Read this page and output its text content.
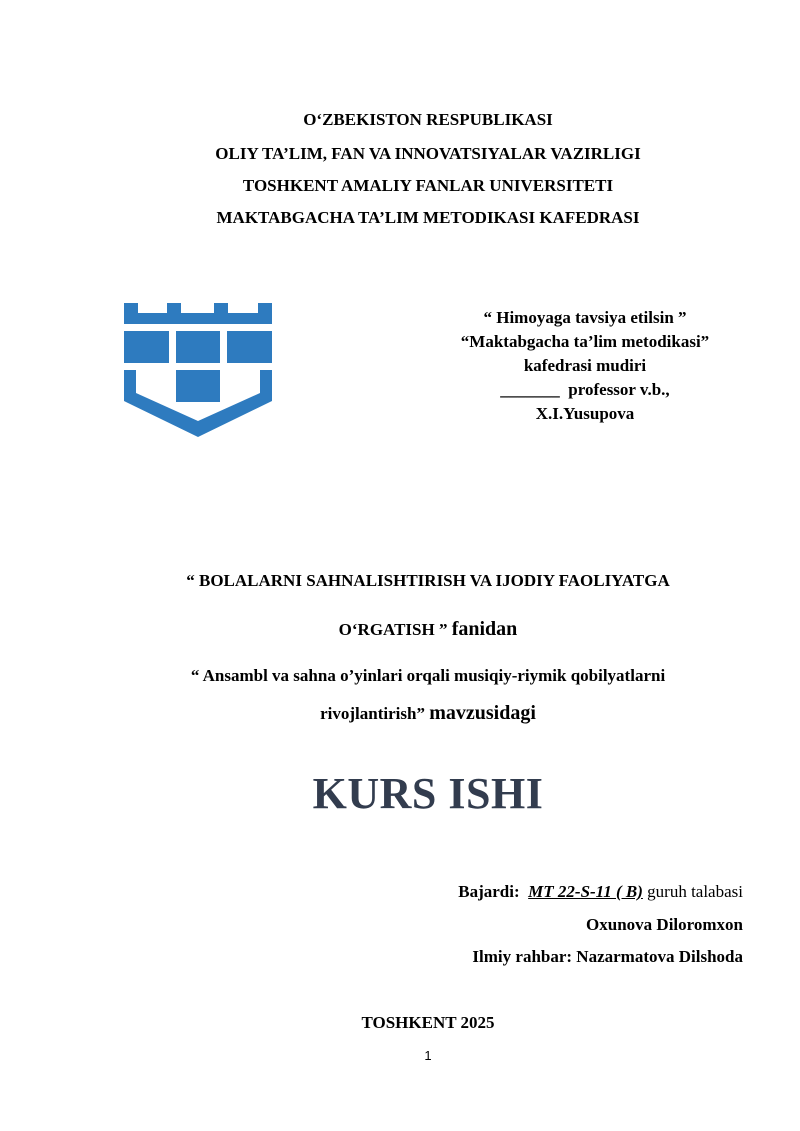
O‘ZBEKISTON RESPUBLIKASI
OLIY TA’LIM, FAN VA INNOVATSIYALAR VAZIRLIGI
TOSHKENT AMALIY FANLAR UNIVERSITETI
MAKTABGACHA TA’LIM METODIKASI KAFEDRASI
“ Himoyaga tavsiya etilsin ”
“Maktabgacha ta’lim metodikasi”
kafedrasi mudiri
_______ professor v.b.,
X.I.Yusupova
“ BOLALARNI SAHNALISHTIRISH VA IJODIY FAOLIYATGA
O‘RGATISH ” fanidan
“ Ansambl va sahna o’yinlari orqali musiqiy-riymik qobilyatlarni
rivojlantirish” mavzusidagi
KURS ISHI
Bajardi: MT 22-S-11 ( B) guruh talabasi
Oxunova Diloromxon
Ilmiy rahbar: Nazarmatova Dilshoda
TOSHKENT 2025
1
